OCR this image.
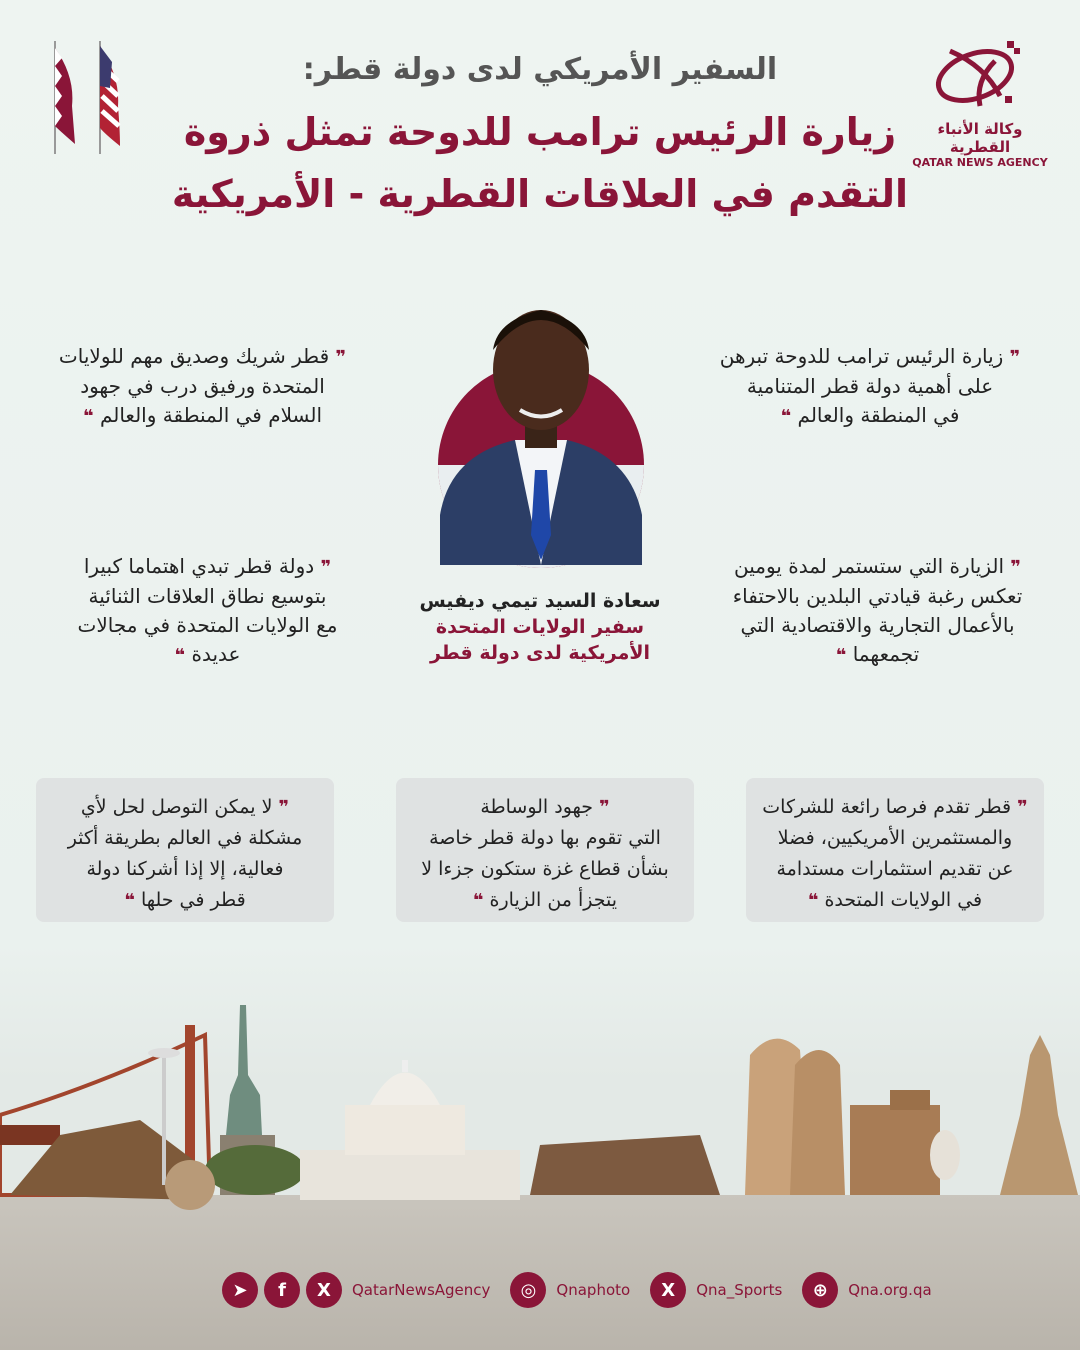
السفير الأمريكي لدى دولة قطر:
زيارة الرئيس ترامب للدوحة تمثل ذروة
التقدم في العلاقات القطرية - الأمريكية
وكالة الأنباء القطرية
QATAR NEWS AGENCY
سعادة السيد تيمي ديفيس
سفير الولايات المتحدة
الأمريكية لدى دولة قطر
❞ زيارة الرئيس ترامب للدوحة تبرهن
على أهمية دولة قطر المتنامية
في المنطقة والعالم ❝
❞ قطر شريك وصديق مهم للولايات
المتحدة ورفيق درب في جهود
السلام في المنطقة والعالم ❝
❞ الزيارة التي ستستمر لمدة يومين
تعكس رغبة قيادتي البلدين بالاحتفاء
بالأعمال التجارية والاقتصادية التي
تجمعهما ❝
❞ دولة قطر تبدي اهتماما كبيرا
بتوسيع نطاق العلاقات الثنائية
مع الولايات المتحدة في مجالات
عديدة ❝
❞ قطر تقدم فرصا رائعة للشركات
والمستثمرين الأمريكيين، فضلا
عن تقديم استثمارات مستدامة
في الولايات المتحدة ❝
❞ جهود الوساطة
التي تقوم بها دولة قطر خاصة
بشأن قطاع غزة ستكون جزءا لا
يتجزأ من الزيارة ❝
❞ لا يمكن التوصل لحل لأي
مشكلة في العالم بطريقة أكثر
فعالية، إلا إذا أشركنا دولة
قطر في حلها ❝
➤	f	X	QatarNewsAgency	◎	Qnaphoto	X	Qna_Sports	⊕	Qna.org.qa
